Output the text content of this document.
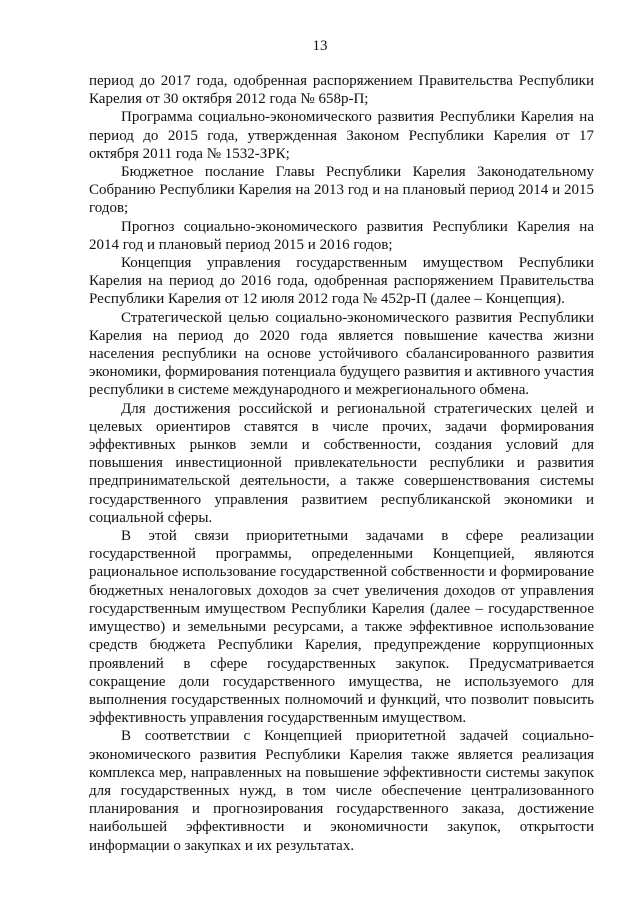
13

период до 2017 года, одобренная распоряжением Правительства Республики Карелия от 30 октября 2012 года № 658р-П;

Программа социально-экономического развития Республики Карелия на период до 2015 года, утвержденная Законом Республики Карелия от 17 октября 2011 года № 1532-ЗРК;

Бюджетное послание Главы Республики Карелия Законодательному Собранию Республики Карелия на 2013 год и на плановый период 2014 и 2015 годов;

Прогноз социально-экономического развития Республики Карелия на 2014 год и плановый период 2015 и 2016 годов;

Концепция управления государственным имуществом Республики Карелия на период до 2016 года, одобренная распоряжением Правительства Республики Карелия от 12 июля 2012 года № 452р-П (далее – Концепция).

Стратегической целью социально-экономического развития Республики Карелия на период до 2020 года является повышение качества жизни населения республики на основе устойчивого сбалансированного развития экономики, формирования потенциала будущего развития и активного участия республики в системе международного и межрегионального обмена.

Для достижения российской и региональной стратегических целей и целевых ориентиров ставятся в числе прочих, задачи формирования эффективных рынков земли и собственности, создания условий для повышения инвестиционной привлекательности республики и развития предпринимательской деятельности, а также совершенствования системы государственного управления развитием республиканской экономики и социальной сферы.

В этой связи приоритетными задачами в сфере реализации государственной программы, определенными Концепцией, являются рациональное использование государственной собственности и формирование бюджетных неналоговых доходов за счет увеличения доходов от управления государственным имуществом Республики Карелия (далее – государственное имущество) и земельными ресурсами, а также эффективное использование средств бюджета Республики Карелия, предупреждение коррупционных проявлений в сфере государственных закупок. Предусматривается сокращение доли государственного имущества, не используемого для выполнения государственных полномочий и функций, что позволит повысить эффективность управления государственным имуществом.

В соответствии с Концепцией приоритетной задачей социально-экономического развития Республики Карелия также является реализация комплекса мер, направленных на повышение эффективности системы закупок для государственных нужд, в том числе обеспечение централизованного планирования и прогнозирования государственного заказа, достижение наибольшей эффективности и экономичности закупок, открытости информации о закупках и их результатах.
